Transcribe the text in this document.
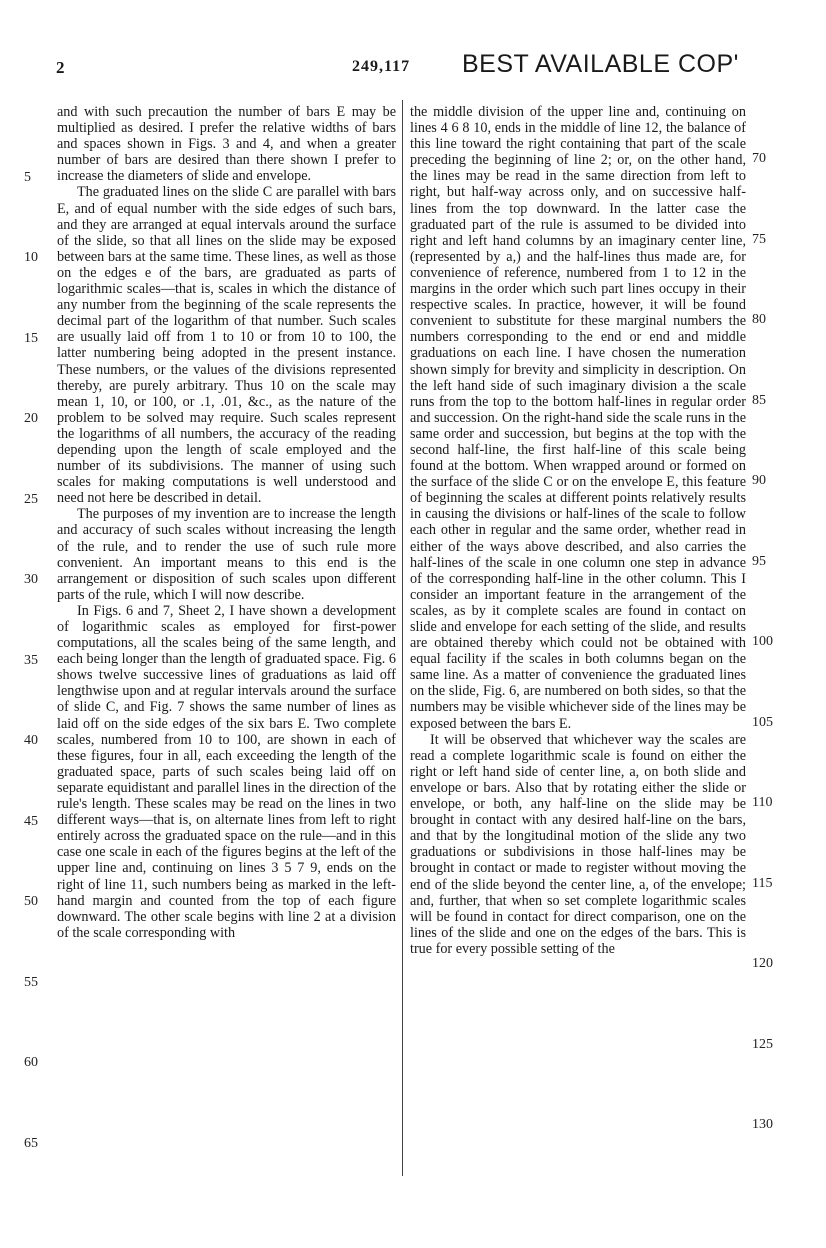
2	249,117 BEST AVAILABLE COP'

and with such precaution the number of bars E may be multiplied as desired. I prefer the relative widths of bars and spaces shown in Figs. 3 and 4, and when a greater number of bars are desired than there shown I prefer to increase the diameters of slide and envelope.

The graduated lines on the slide C are parallel with bars E, and of equal number with the side edges of such bars, and they are arranged at equal intervals around the surface of the slide, so that all lines on the slide may be exposed between bars at the same time. These lines, as well as those on the edges e of the bars, are graduated as parts of logarithmic scales—that is, scales in which the distance of any number from the beginning of the scale represents the decimal part of the logarithm of that number. Such scales are usually laid off from 1 to 10 or from 10 to 100, the latter numbering being adopted in the present instance. These numbers, or the values of the divisions represented thereby, are purely arbitrary. Thus 10 on the scale may mean 1, 10, or 100, or .1, .01, &c., as the nature of the problem to be solved may require. Such scales represent the logarithms of all numbers, the accuracy of the reading depending upon the length of scale employed and the number of its subdivisions. The manner of using such scales for making computations is well understood and need not here be described in detail.

The purposes of my invention are to increase the length and accuracy of such scales without increasing the length of the rule, and to render the use of such rule more convenient. An important means to this end is the arrangement or disposition of such scales upon different parts of the rule, which I will now describe.

In Figs. 6 and 7, Sheet 2, I have shown a development of logarithmic scales as employed for first-power computations, all the scales being of the same length, and each being longer than the length of graduated space. Fig. 6 shows twelve successive lines of graduations as laid off lengthwise upon and at regular intervals around the surface of slide C, and Fig. 7 shows the same number of lines as laid off on the side edges of the six bars E. Two complete scales, numbered from 10 to 100, are shown in each of these figures, four in all, each exceeding the length of the graduated space, parts of such scales being laid off on separate equidistant and parallel lines in the direction of the rule's length. These scales may be read on the lines in two different ways—that is, on alternate lines from left to right entirely across the graduated space on the rule—and in this case one scale in each of the figures begins at the left of the upper line and, continuing on lines 3 5 7 9, ends on the right of line 11, such numbers being as marked in the left-hand margin and counted from the top of each figure downward. The other scale begins with line 2 at a division of the scale corresponding with

the middle division of the upper line and, continuing on lines 4 6 8 10, ends in the middle of line 12, the balance of this line toward the right containing that part of the scale preceding the beginning of line 2; or, on the other hand, the lines may be read in the same direction from left to right, but half-way across only, and on successive half-lines from the top downward. In the latter case the graduated part of the rule is assumed to be divided into right and left hand columns by an imaginary center line, (represented by a,) and the half-lines thus made are, for convenience of reference, numbered from 1 to 12 in the margins in the order which such part lines occupy in their respective scales. In practice, however, it will be found convenient to substitute for these marginal numbers the numbers corresponding to the end or end and middle graduations on each line. I have chosen the numeration shown simply for brevity and simplicity in description. On the left hand side of such imaginary division a the scale runs from the top to the bottom half-lines in regular order and succession. On the right-hand side the scale runs in the same order and succession, but begins at the top with the second half-line, the first half-line of this scale being found at the bottom. When wrapped around or formed on the surface of the slide C or on the envelope E, this feature of beginning the scales at different points relatively results in causing the divisions or half-lines of the scale to follow each other in regular and the same order, whether read in either of the ways above described, and also carries the half-lines of the scale in one column one step in advance of the corresponding half-line in the other column. This I consider an important feature in the arrangement of the scales, as by it complete scales are found in contact on slide and envelope for each setting of the slide, and results are obtained thereby which could not be obtained with equal facility if the scales in both columns began on the same line. As a matter of convenience the graduated lines on the slide, Fig. 6, are numbered on both sides, so that the numbers may be visible whichever side of the lines may be exposed between the bars E.

It will be observed that whichever way the scales are read a complete logarithmic scale is found on either the right or left hand side of center line, a, on both slide and envelope or bars. Also that by rotating either the slide or envelope, or both, any half-line on the slide may be brought in contact with any desired half-line on the bars, and that by the longitudinal motion of the slide any two graduations or subdivisions in those half-lines may be brought in contact or made to register without moving the end of the slide beyond the center line, a, of the envelope; and, further, that when so set complete logarithmic scales will be found in contact for direct comparison, one on the lines of the slide and one on the edges of the bars. This is true for every possible setting of the

5
10
15
20
25
30
35
40
45
50
55
60
65
70
75
80
85
90
95
100
105
110
115
120
125
130
